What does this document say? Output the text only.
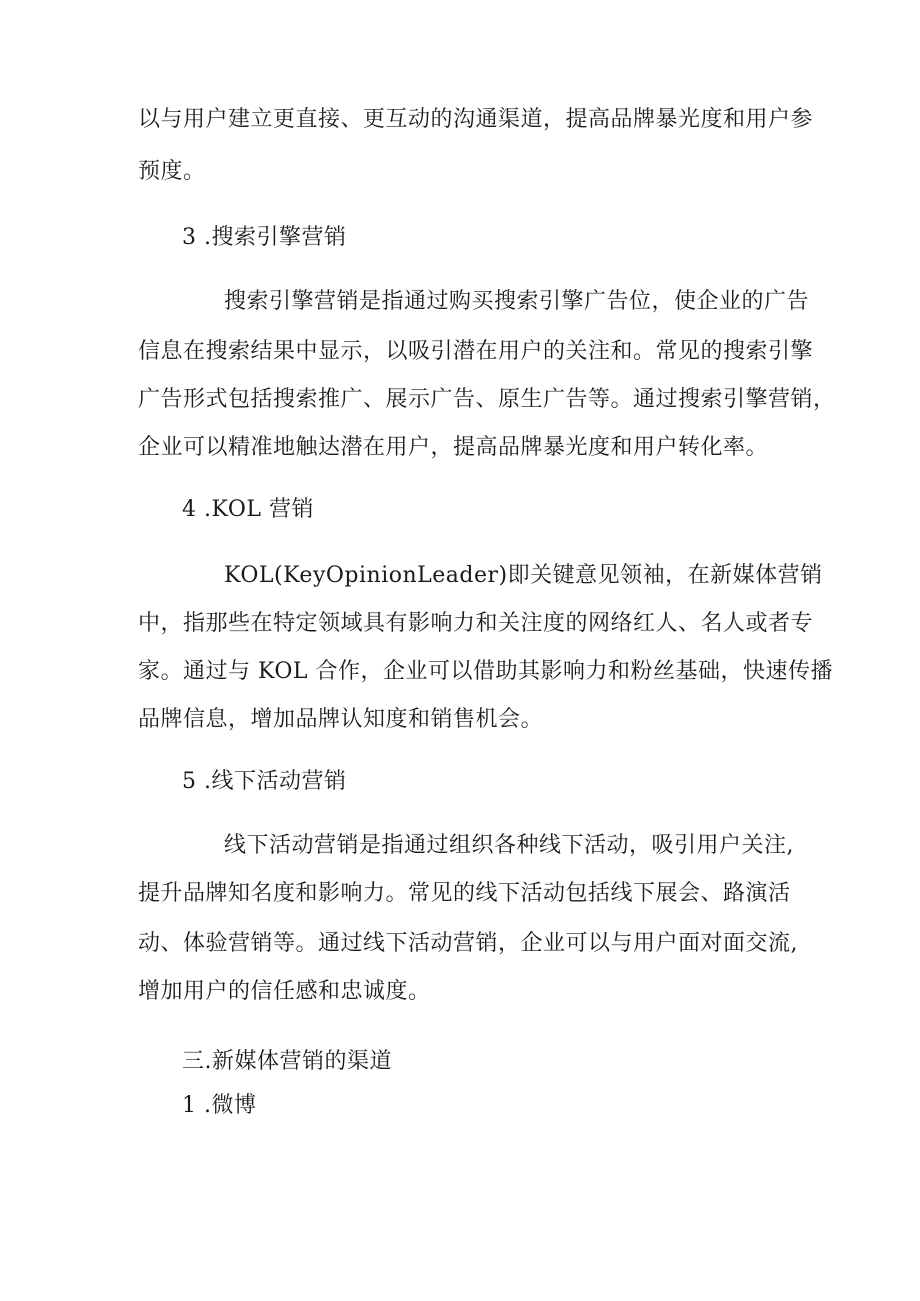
以与用户建立更直接、更互动的沟通渠道，提高品牌暴光度和用户参

预度。

3 .搜索引擎营销

搜索引擎营销是指通过购买搜索引擎广告位，使企业的广告

信息在搜索结果中显示，以吸引潜在用户的关注和。常见的搜索引擎

广告形式包括搜索推广、展示广告、原生广告等。通过搜索引擎营销，

企业可以精准地触达潜在用户，提高品牌暴光度和用户转化率。

4 .KOL 营销

KOL(KeyOpinionLeader)即关键意见领袖，在新媒体营销

中，指那些在特定领域具有影响力和关注度的网络红人、名人或者专

家。通过与 KOL 合作，企业可以借助其影响力和粉丝基础，快速传播

品牌信息，增加品牌认知度和销售机会。

5 .线下活动营销

线下活动营销是指通过组织各种线下活动，吸引用户关注,

提升品牌知名度和影响力。常见的线下活动包括线下展会、路演活

动、体验营销等。通过线下活动营销，企业可以与用户面对面交流,

增加用户的信任感和忠诚度。

三.新媒体营销的渠道

1 .微博
